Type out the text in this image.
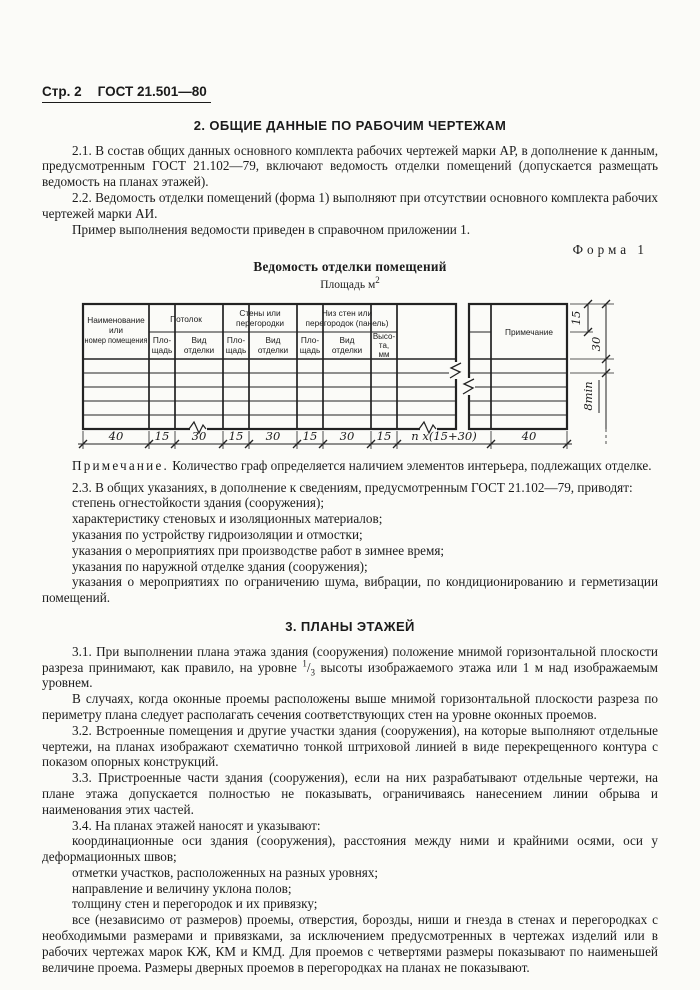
Стр. 2 ГОСТ 21.501—80
2. ОБЩИЕ ДАННЫЕ ПО РАБОЧИМ ЧЕРТЕЖАМ

2.1. В состав общих данных основного комплекта рабочих чертежей марки АР, в дополнение к данным, предусмотренным ГОСТ 21.102—79, включают ведомость отделки помещений (допускается размещать ведомость на планах этажей).

2.2. Ведомость отделки помещений (форма 1) выполняют при отсутствии основного комплекта рабочих чертежей марки АИ.

Пример выполнения ведомости приведен в справочном приложении 1.

Форма 1

Ведомость отделки помещений

Площадь $м^2$

Наименование
или
номер помещения
Потолок
Стены или
перегородки
Низ стен или
перегородок (панель)
Пло-
щадь
Вид
отделки
Пло-
щадь
Вид
отделки
Пло-
щадь
Вид
отделки
Высо-
та,
мм
Примечание
40	15 30 15 30 15 30 15 п x(15+30)	40
15
30
8min

Примечание. Количество граф определяется наличием элементов интерьера, подлежащих отделке.

2.3. В общих указаниях, в дополнение к сведениям, предусмотренным ГОСТ 21.102—79, приводят:

степень огнестойкости здания (сооружения);

характеристику стеновых и изоляционных материалов;

указания по устройству гидроизоляции и отмостки;

указания о мероприятиях при производстве работ в зимнее время;

указания по наружной отделке здания (сооружения);

указания о мероприятиях по ограничению шума, вибрации, по кондиционированию и герметизации помещений.

3. ПЛАНЫ ЭТАЖЕЙ

3.1. При выполнении плана этажа здания (сооружения) положение мнимой горизонтальной плоскости разреза принимают, как правило, на уровне $^1/_3$ высоты изображаемого этажа или 1 м над изображаемым уровнем.

В случаях, когда оконные проемы расположены выше мнимой горизонтальной плоскости разреза по периметру плана следует располагать сечения соответствующих стен на уровне оконных проемов.

3.2. Встроенные помещения и другие участки здания (сооружения), на которые выполняют отдельные чертежи, на планах изображают схематично тонкой штриховой линией в виде перекрещенного контура с показом опорных конструкций.

3.3. Пристроенные части здания (сооружения), если на них разрабатывают отдельные чертежи, на плане этажа допускается полностью не показывать, ограничиваясь нанесением линии обрыва и наименования этих частей.

3.4. На планах этажей наносят и указывают:

координационные оси здания (сооружения), расстояния между ними и крайними осями, оси у деформационных швов;

отметки участков, расположенных на разных уровнях;

направление и величину уклона полов;

толщину стен и перегородок и их привязку;

все (независимо от размеров) проемы, отверстия, борозды, ниши и гнезда в стенах и перегородках с необходимыми размерами и привязками, за исключением предусмотренных в чертежах изделий или в рабочих чертежах марок КЖ, КМ и КМД. Для проемов с четвертями размеры показывают по наименьшей величине проема. Размеры дверных проемов в перегородках на планах не показывают.
